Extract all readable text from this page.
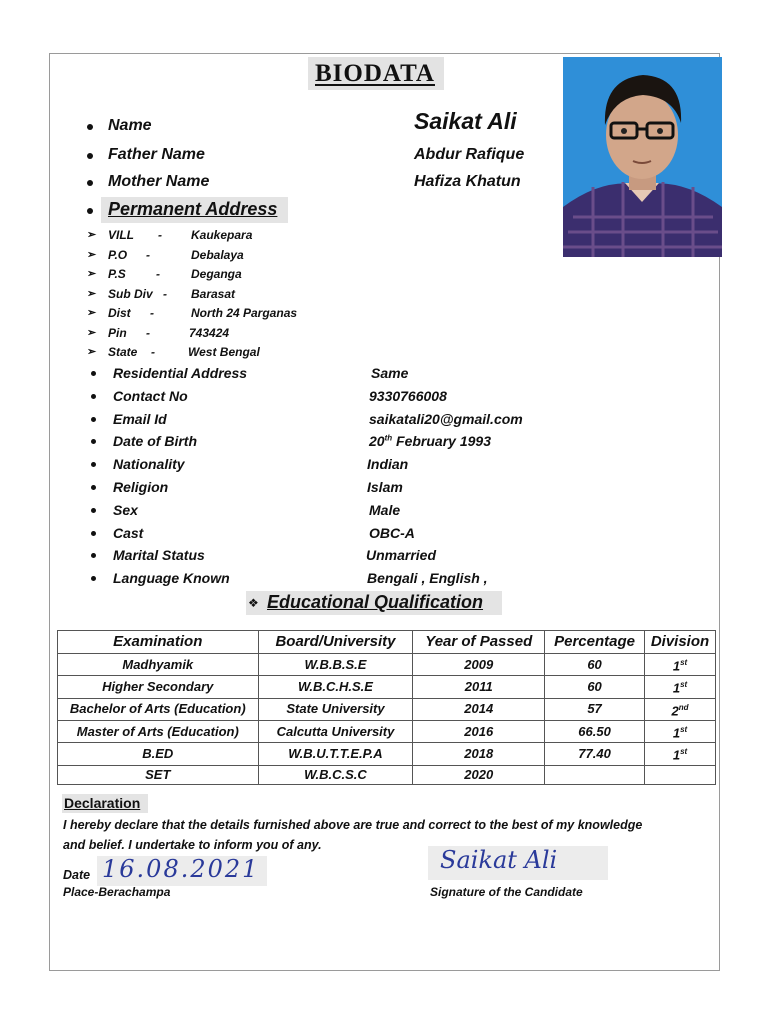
BIODATA
Name	Saikat Ali
Father Name	Abdur Rafique
Mother Name	Hafiza Khatun
Permanent Address
➢ VILL - Kaukepara
➢ P.O -	Debalaya
➢ P.S	-	Deganga
➢ Sub Div - Barasat
➢ Dist -	North 24 Parganas
➢ Pin -	743424
➢ State -	West Bengal
Residential Address	Same
Contact No	9330766008
Email Id	saikatali20@gmail.com
Date of Birth	20th February 1993
Nationality	Indian
Religion	Islam
Sex	Male
Cast	OBC-A
Marital Status	Unmarried
Language Known	Bengali , English ,
❖ Educational Qualification
Examination	Board/University	Year of Passed	Percentage	Division
Madhyamik	W.B.B.S.E	2009	60	1st
Higher Secondary	W.B.C.H.S.E	2011	60	1st
Bachelor of Arts (Education)	State University	2014	57	2nd
Master of Arts (Education)	Calcutta University	2016	66.50	1st
B.ED	W.B.U.T.T.E.P.A	2018	77.40	1st
SET	W.B.C.S.C	2020		
Declaration
I hereby declare that the details furnished above are true and correct to the best of my knowledge
and belief. I undertake to inform you of any.
Date 16.08.2021
Place-Berachampa
Saikat Ali
Signature of the Candidate
